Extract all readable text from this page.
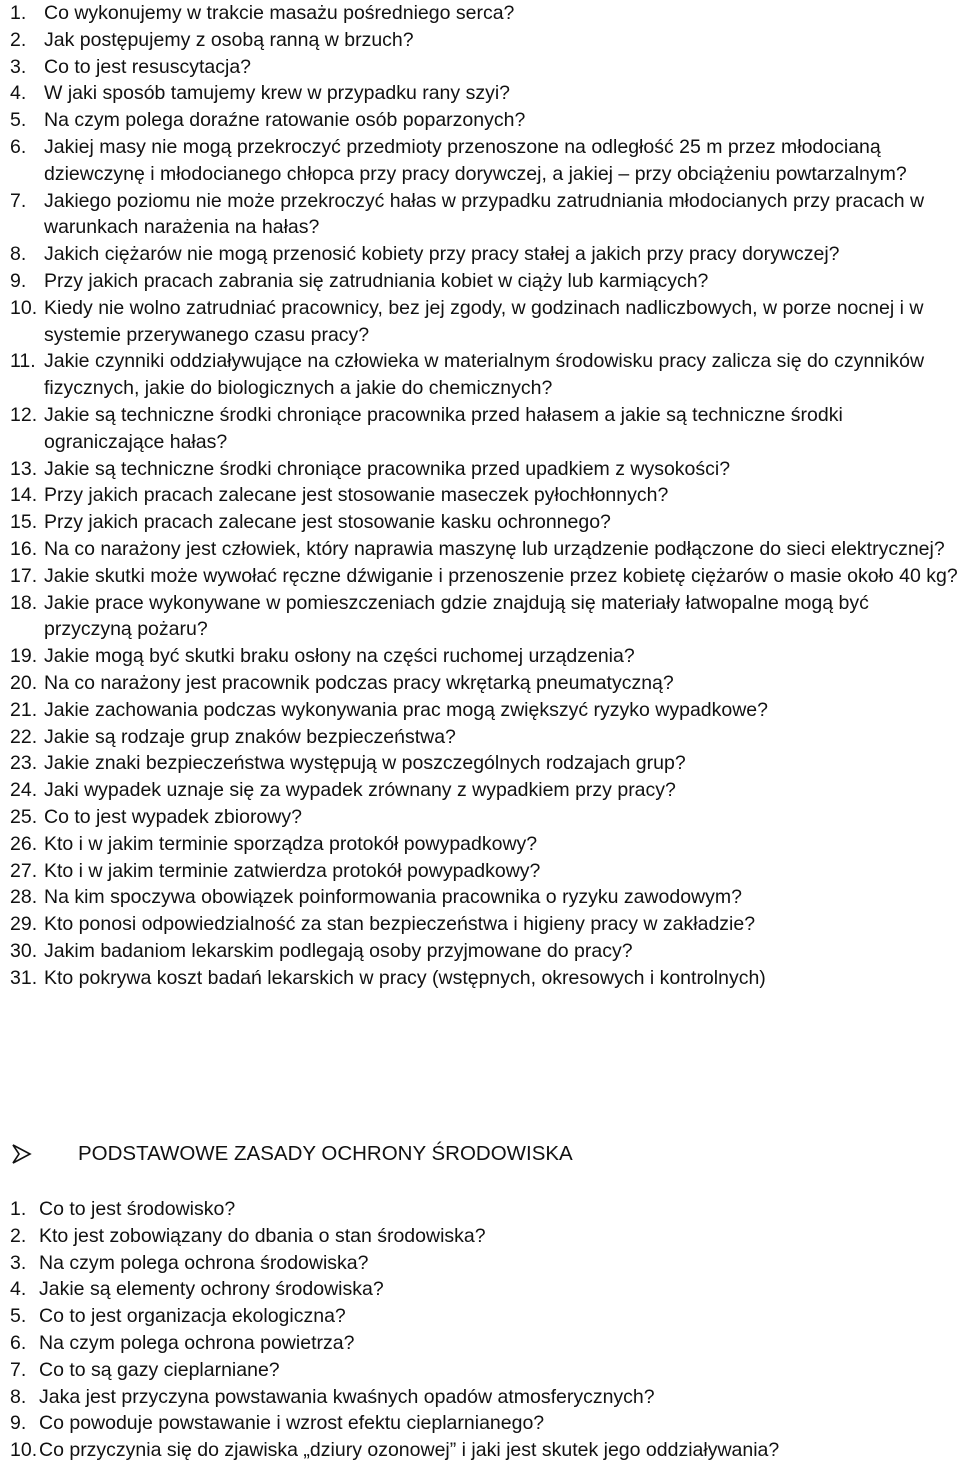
1. Co wykonujemy w trakcie masażu pośredniego serca?
2. Jak postępujemy z osobą ranną w brzuch?
3. Co to jest resuscytacja?
4. W jaki sposób tamujemy krew w przypadku rany szyi?
5. Na czym polega doraźne ratowanie osób poparzonych?
6. Jakiej masy nie mogą przekroczyć przedmioty przenoszone na odległość 25 m przez młodocianą dziewczynę i młodocianego chłopca przy pracy dorywczej, a jakiej – przy obciążeniu powtarzalnym?
7. Jakiego poziomu nie może przekroczyć hałas w przypadku zatrudniania młodocianych przy pracach w warunkach narażenia na hałas?
8. Jakich ciężarów nie mogą przenosić kobiety przy pracy stałej a jakich przy pracy dorywczej?
9. Przy jakich pracach zabrania się zatrudniania kobiet w ciąży lub karmiących?
10. Kiedy nie wolno zatrudniać pracownicy, bez jej zgody, w godzinach nadliczbowych, w porze nocnej i w systemie przerywanego czasu pracy?
11. Jakie czynniki oddziaływujące na człowieka w materialnym środowisku pracy zalicza się do czynników fizycznych, jakie do biologicznych a jakie do chemicznych?
12. Jakie są techniczne środki chroniące pracownika przed hałasem a jakie są techniczne środki ograniczające hałas?
13. Jakie są techniczne środki chroniące pracownika przed upadkiem z wysokości?
14. Przy jakich pracach zalecane jest stosowanie maseczek pyłochłonnych?
15. Przy jakich pracach zalecane jest stosowanie kasku ochronnego?
16. Na co narażony jest człowiek, który naprawia maszynę lub urządzenie podłączone do sieci elektrycznej?
17. Jakie skutki może wywołać ręczne dźwiganie i przenoszenie przez kobietę ciężarów o masie około 40 kg?
18. Jakie prace wykonywane w pomieszczeniach gdzie znajdują się materiały łatwopalne mogą być przyczyną pożaru?
19. Jakie mogą być skutki braku osłony na części ruchomej urządzenia?
20. Na co narażony jest pracownik podczas pracy wkrętarką pneumatyczną?
21. Jakie zachowania podczas wykonywania prac mogą zwiększyć ryzyko wypadkowe?
22. Jakie są rodzaje grup znaków bezpieczeństwa?
23. Jakie znaki bezpieczeństwa występują w poszczególnych rodzajach grup?
24. Jaki wypadek uznaje się za wypadek zrównany z wypadkiem przy pracy?
25. Co to jest wypadek zbiorowy?
26. Kto i w jakim terminie sporządza protokół powypadkowy?
27. Kto i w jakim terminie zatwierdza protokół powypadkowy?
28. Na kim spoczywa obowiązek poinformowania pracownika o ryzyku zawodowym?
29. Kto ponosi odpowiedzialność za stan bezpieczeństwa i higieny pracy w zakładzie?
30. Jakim badaniom lekarskim podlegają osoby przyjmowane do pracy?
31. Kto pokrywa koszt badań lekarskich w pracy (wstępnych, okresowych i kontrolnych)
PODSTAWOWE ZASADY OCHRONY ŚRODOWISKA
1. Co to jest środowisko?
2. Kto jest zobowiązany do dbania o stan środowiska?
3. Na czym polega ochrona środowiska?
4. Jakie są elementy ochrony środowiska?
5. Co to jest organizacja ekologiczna?
6. Na czym polega ochrona powietrza?
7. Co to są gazy cieplarniane?
8. Jaka jest przyczyna powstawania kwaśnych opadów atmosferycznych?
9. Co powoduje powstawanie i wzrost efektu cieplarnianego?
10. Co przyczynia się do zjawiska „dziury ozonowej” i jaki jest skutek jego oddziaływania?
